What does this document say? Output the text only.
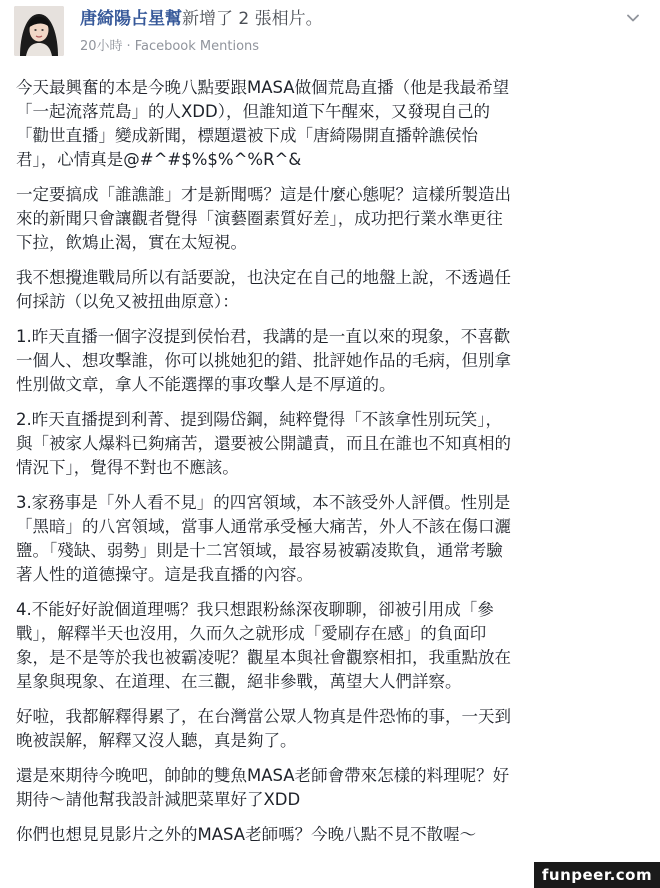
唐綺陽占星幫新增了 2 張相片。
20小時 · Facebook Mentions

今天最興奮的本是今晚八點要跟MASA做個荒島直播（他是我最希望
「一起流落荒島」的人XDD），但誰知道下午醒來，又發現自己的
「勸世直播」變成新聞，標題還被下成「唐綺陽開直播幹譙侯怡
君」，心情真是@#^#$%$%^%R^&

一定要搞成「誰譙誰」才是新聞嗎？這是什麼心態呢？這樣所製造出
來的新聞只會讓觀者覺得「演藝圈素質好差」，成功把行業水準更往
下拉，飲鴆止渴，實在太短視。

我不想攪進戰局所以有話要說，也決定在自己的地盤上說，不透過任
何採訪（以免又被扭曲原意）：

1.昨天直播一個字沒提到侯怡君，我講的是一直以來的現象，不喜歡
一個人、想攻擊誰，你可以挑她犯的錯、批評她作品的毛病，但別拿
性別做文章，拿人不能選擇的事攻擊人是不厚道的。

2.昨天直播提到利菁、提到陽岱鋼，純粹覺得「不該拿性別玩笑」，
與「被家人爆料已夠痛苦，還要被公開譴責，而且在誰也不知真相的
情況下」，覺得不對也不應該。

3.家務事是「外人看不見」的四宮領域，本不該受外人評價。性別是
「黑暗」的八宮領域，當事人通常承受極大痛苦，外人不該在傷口灑
鹽。「殘缺、弱勢」則是十二宮領域，最容易被霸凌欺負，通常考驗
著人性的道德操守。這是我直播的內容。

4.不能好好說個道理嗎？我只想跟粉絲深夜聊聊，卻被引用成「參
戰」，解釋半天也沒用，久而久之就形成「愛刷存在感」的負面印
象，是不是等於我也被霸凌呢？觀星本與社會觀察相扣，我重點放在
星象與現象、在道理、在三觀，絕非參戰，萬望大人們詳察。

好啦，我都解釋得累了，在台灣當公眾人物真是件恐怖的事，一天到
晚被誤解，解釋又沒人聽，真是夠了。

還是來期待今晚吧，帥帥的雙魚MASA老師會帶來怎樣的料理呢？好
期待～請他幫我設計減肥菜單好了XDD

你們也想見見影片之外的MASA老師嗎？今晚八點不見不散喔～

funpeer.com
